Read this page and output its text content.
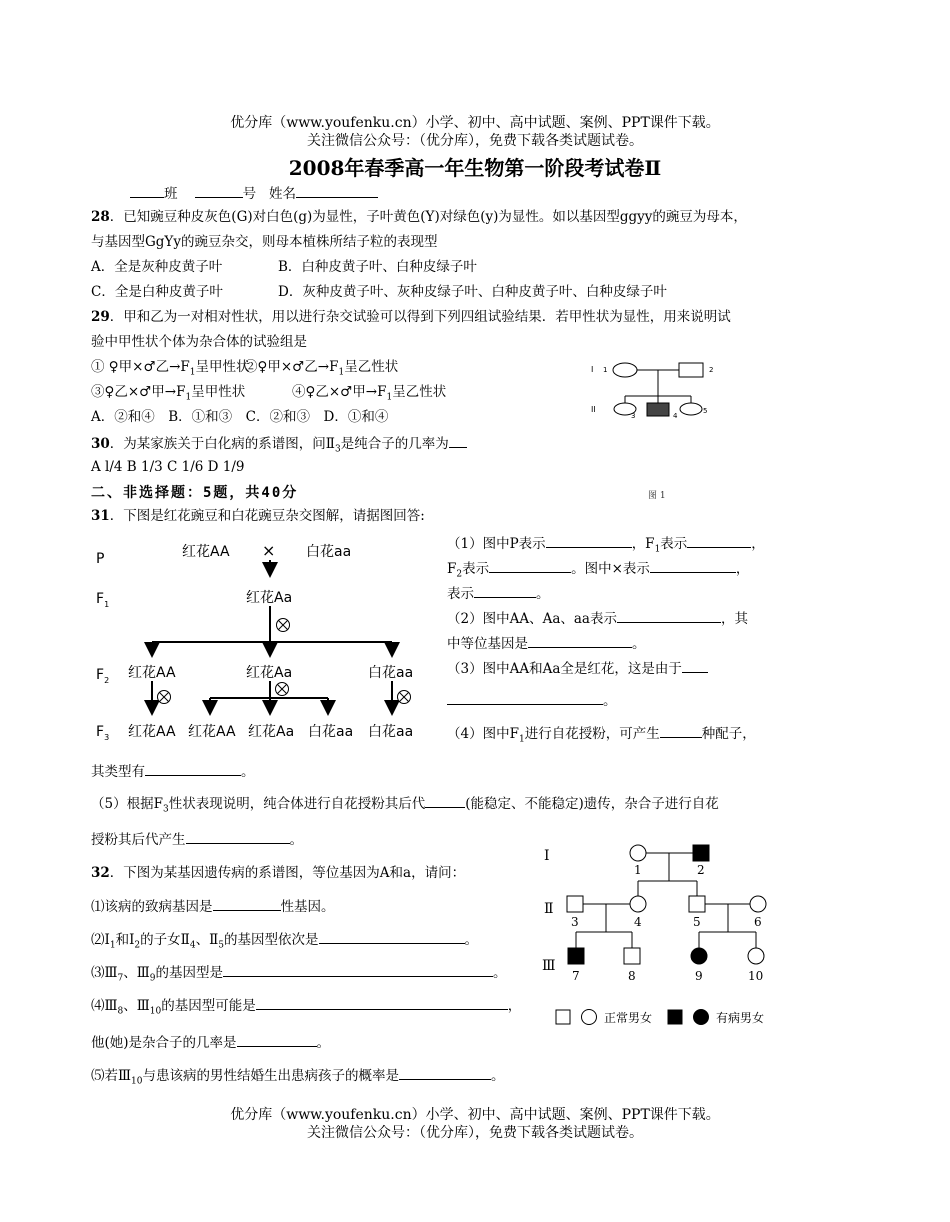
优分库（www.youfenku.cn）小学、初中、高中试题、案例、PPT课件下载。
关注微信公众号：（优分库），免费下载各类试题试卷。
2008年春季高一年生物第一阶段考试卷Ⅱ
班	号 姓名
28．已知豌豆种皮灰色(G)对白色(g)为显性，子叶黄色(Y)对绿色(y)为显性。如以基因型ggyy的豌豆为母本，
与基因型GgYy的豌豆杂交，则母本植株所结子粒的表现型
A．全是灰种皮黄子叶	B．白种皮黄子叶、白种皮绿子叶
C．全是白种皮黄子叶	D．灰种皮黄子叶、灰种皮绿子叶、白种皮黄子叶、白种皮绿子叶
29．甲和乙为一对相对性状，用以进行杂交试验可以得到下列四组试验结果．若甲性状为显性，用来说明试
验中甲性状个体为杂合体的试验组是
① ♀甲×♂乙$\to F_1$呈甲性状
②♀甲×♂乙$\to F_1$呈乙性状
③♀乙×♂甲$\to F_1$呈甲性状	④♀乙×♂甲$\to F_1$呈乙性状
A．②和④　B．①和③　C．②和③　D．①和④
30．为某家族关于白化病的系谱图，问$Ⅱ_3$是纯合子的几率为
A l/4 B 1/3 C 1/6 D 1/9
I
II
1	2
3	4
5
图 1
二、非选择题：5题，共40分
31．下图是红花豌豆和白花豌豆杂交图解，请据图回答:
P
$F_1$
$F_2$
$F_3$
红花AA × 白花aa
红花Aa
红花AA	红花Aa	白花aa
红花AA 红花AA 红花Aa 白花aa 白花aa
（1）图中P表示	，$F_1$表示	，
$F_2$表示	。图中×表示	，
表示	。
（2）图中AA、Aa、aa表示	，其
中等位基因是	。
（3）图中AA和Aa全是红花，这是由于
。
（4）图中$F_1$进行自花授粉，可产生	种配子，
其类型有	。
（5）根据$F_3$性状表现说明，纯合体进行自花授粉其后代	(能稳定、不能稳定)遗传，杂合子进行自花
授粉其后代产生	。
32．下图为某基因遗传病的系谱图，等位基因为A和a，请问：
⑴该病的致病基因是	性基因。
$⑵I_1$和$Ⅰ_2$的子女$Ⅱ_4$、$Ⅱ_5$的基因型依次是	。
$⑶Ⅲ_7$、$Ⅲ_9$的基因型是	。
$⑷Ⅲ_8$、$Ⅲ_{10}$的基因型可能是	，
他(她)是杂合子的几率是	。
⑸若$Ⅲ_{10}$与患该病的男性结婚生出患病孩子的概率是	。
Ⅰ
Ⅱ
Ⅲ
1	2
3	4	5	6
7	8	9	10
正常男女	有病男女
优分库（www.youfenku.cn）小学、初中、高中试题、案例、PPT课件下载。
关注微信公众号：（优分库），免费下载各类试题试卷。
